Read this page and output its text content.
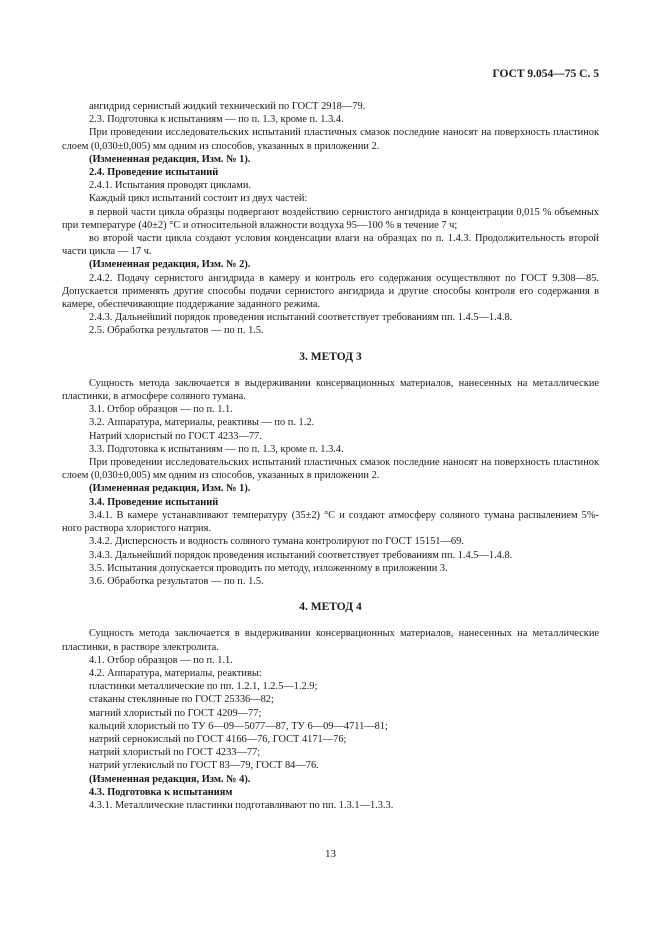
ГОСТ 9.054—75 С. 5

ангидрид сернистый жидкий технический по ГОСТ 2918—79.

2.3. Подготовка к испытаниям — по п. 1.3, кроме п. 1.3.4.

При проведении исследовательских испытаний пластичных смазок последние наносят на поверхность пластинок слоем (0,030±0,005) мм одним из способов, указанных в приложении 2.

(Измененная редакция, Изм. № 1).

2.4. Проведение испытаний

2.4.1. Испытания проводят циклами.

Каждый цикл испытаний состоит из двух частей:

в первой части цикла образцы подвергают воздействию сернистого ангидрида в концентрации 0,015 % объемных при температуре (40±2) °С и относительной влажности воздуха 95—100 % в течение 7 ч;

во второй части цикла создают условия конденсации влаги на образцах по п. 1.4.3. Продолжительность второй части цикла — 17 ч.

(Измененная редакция, Изм. № 2).

2.4.2. Подачу сернистого ангидрида в камеру и контроль его содержания осуществляют по ГОСТ 9.308—85. Допускается применять другие способы подачи сернистого ангидрида и другие способы контроля его содержания в камере, обеспечивающие поддержание заданного режима.

2.4.3. Дальнейший порядок проведения испытаний соответствует требованиям пп. 1.4.5—1.4.8.

2.5. Обработка результатов — по п. 1.5.

3. МЕТОД 3

Сущность метода заключается в выдерживании консервационных материалов, нанесенных на металлические пластинки, в атмосфере соляного тумана.

3.1. Отбор образцов — по п. 1.1.

3.2. Аппаратура, материалы, реактивы — по п. 1.2.

Натрий хлористый по ГОСТ 4233—77.

3.3. Подготовка к испытаниям — по п. 1.3, кроме п. 1.3.4.

При проведении исследовательских испытаний пластичных смазок последние наносят на поверхность пластинок слоем (0,030±0,005) мм одним из способов, указанных в приложении 2.

(Измененная редакция, Изм. № 1).

3.4. Проведение испытаний

3.4.1. В камере устанавливают температуру (35±2) °С и создают атмосферу соляного тумана распылением 5%-ного раствора хлористого натрия.

3.4.2. Дисперсность и водность соляного тумана контролируют по ГОСТ 15151—69.

3.4.3. Дальнейший порядок проведения испытаний соответствует требованиям пп. 1.4.5—1.4.8.

3.5. Испытания допускается проводить по методу, изложенному в приложении 3.

3.6. Обработка результатов — по п. 1.5.

4. МЕТОД 4

Сущность метода заключается в выдерживании консервационных материалов, нанесенных на металлические пластинки, в растворе электролита.

4.1. Отбор образцов — по п. 1.1.

4.2. Аппаратура, материалы, реактивы:

пластинки металлические по пп. 1.2.1, 1.2.5—1.2.9;

стаканы стеклянные по ГОСТ 25336—82;

магний хлористый по ГОСТ 4209—77;

кальций хлористый по ТУ 6—09—5077—87, ТУ 6—09—4711—81;

натрий сернокислый по ГОСТ 4166—76, ГОСТ 4171—76;

натрий хлористый по ГОСТ 4233—77;

натрий углекислый по ГОСТ 83—79, ГОСТ 84—76.

(Измененная редакция, Изм. № 4).

4.3. Подготовка к испытаниям

4.3.1. Металлические пластинки подготавливают по пп. 1.3.1—1.3.3.

13
